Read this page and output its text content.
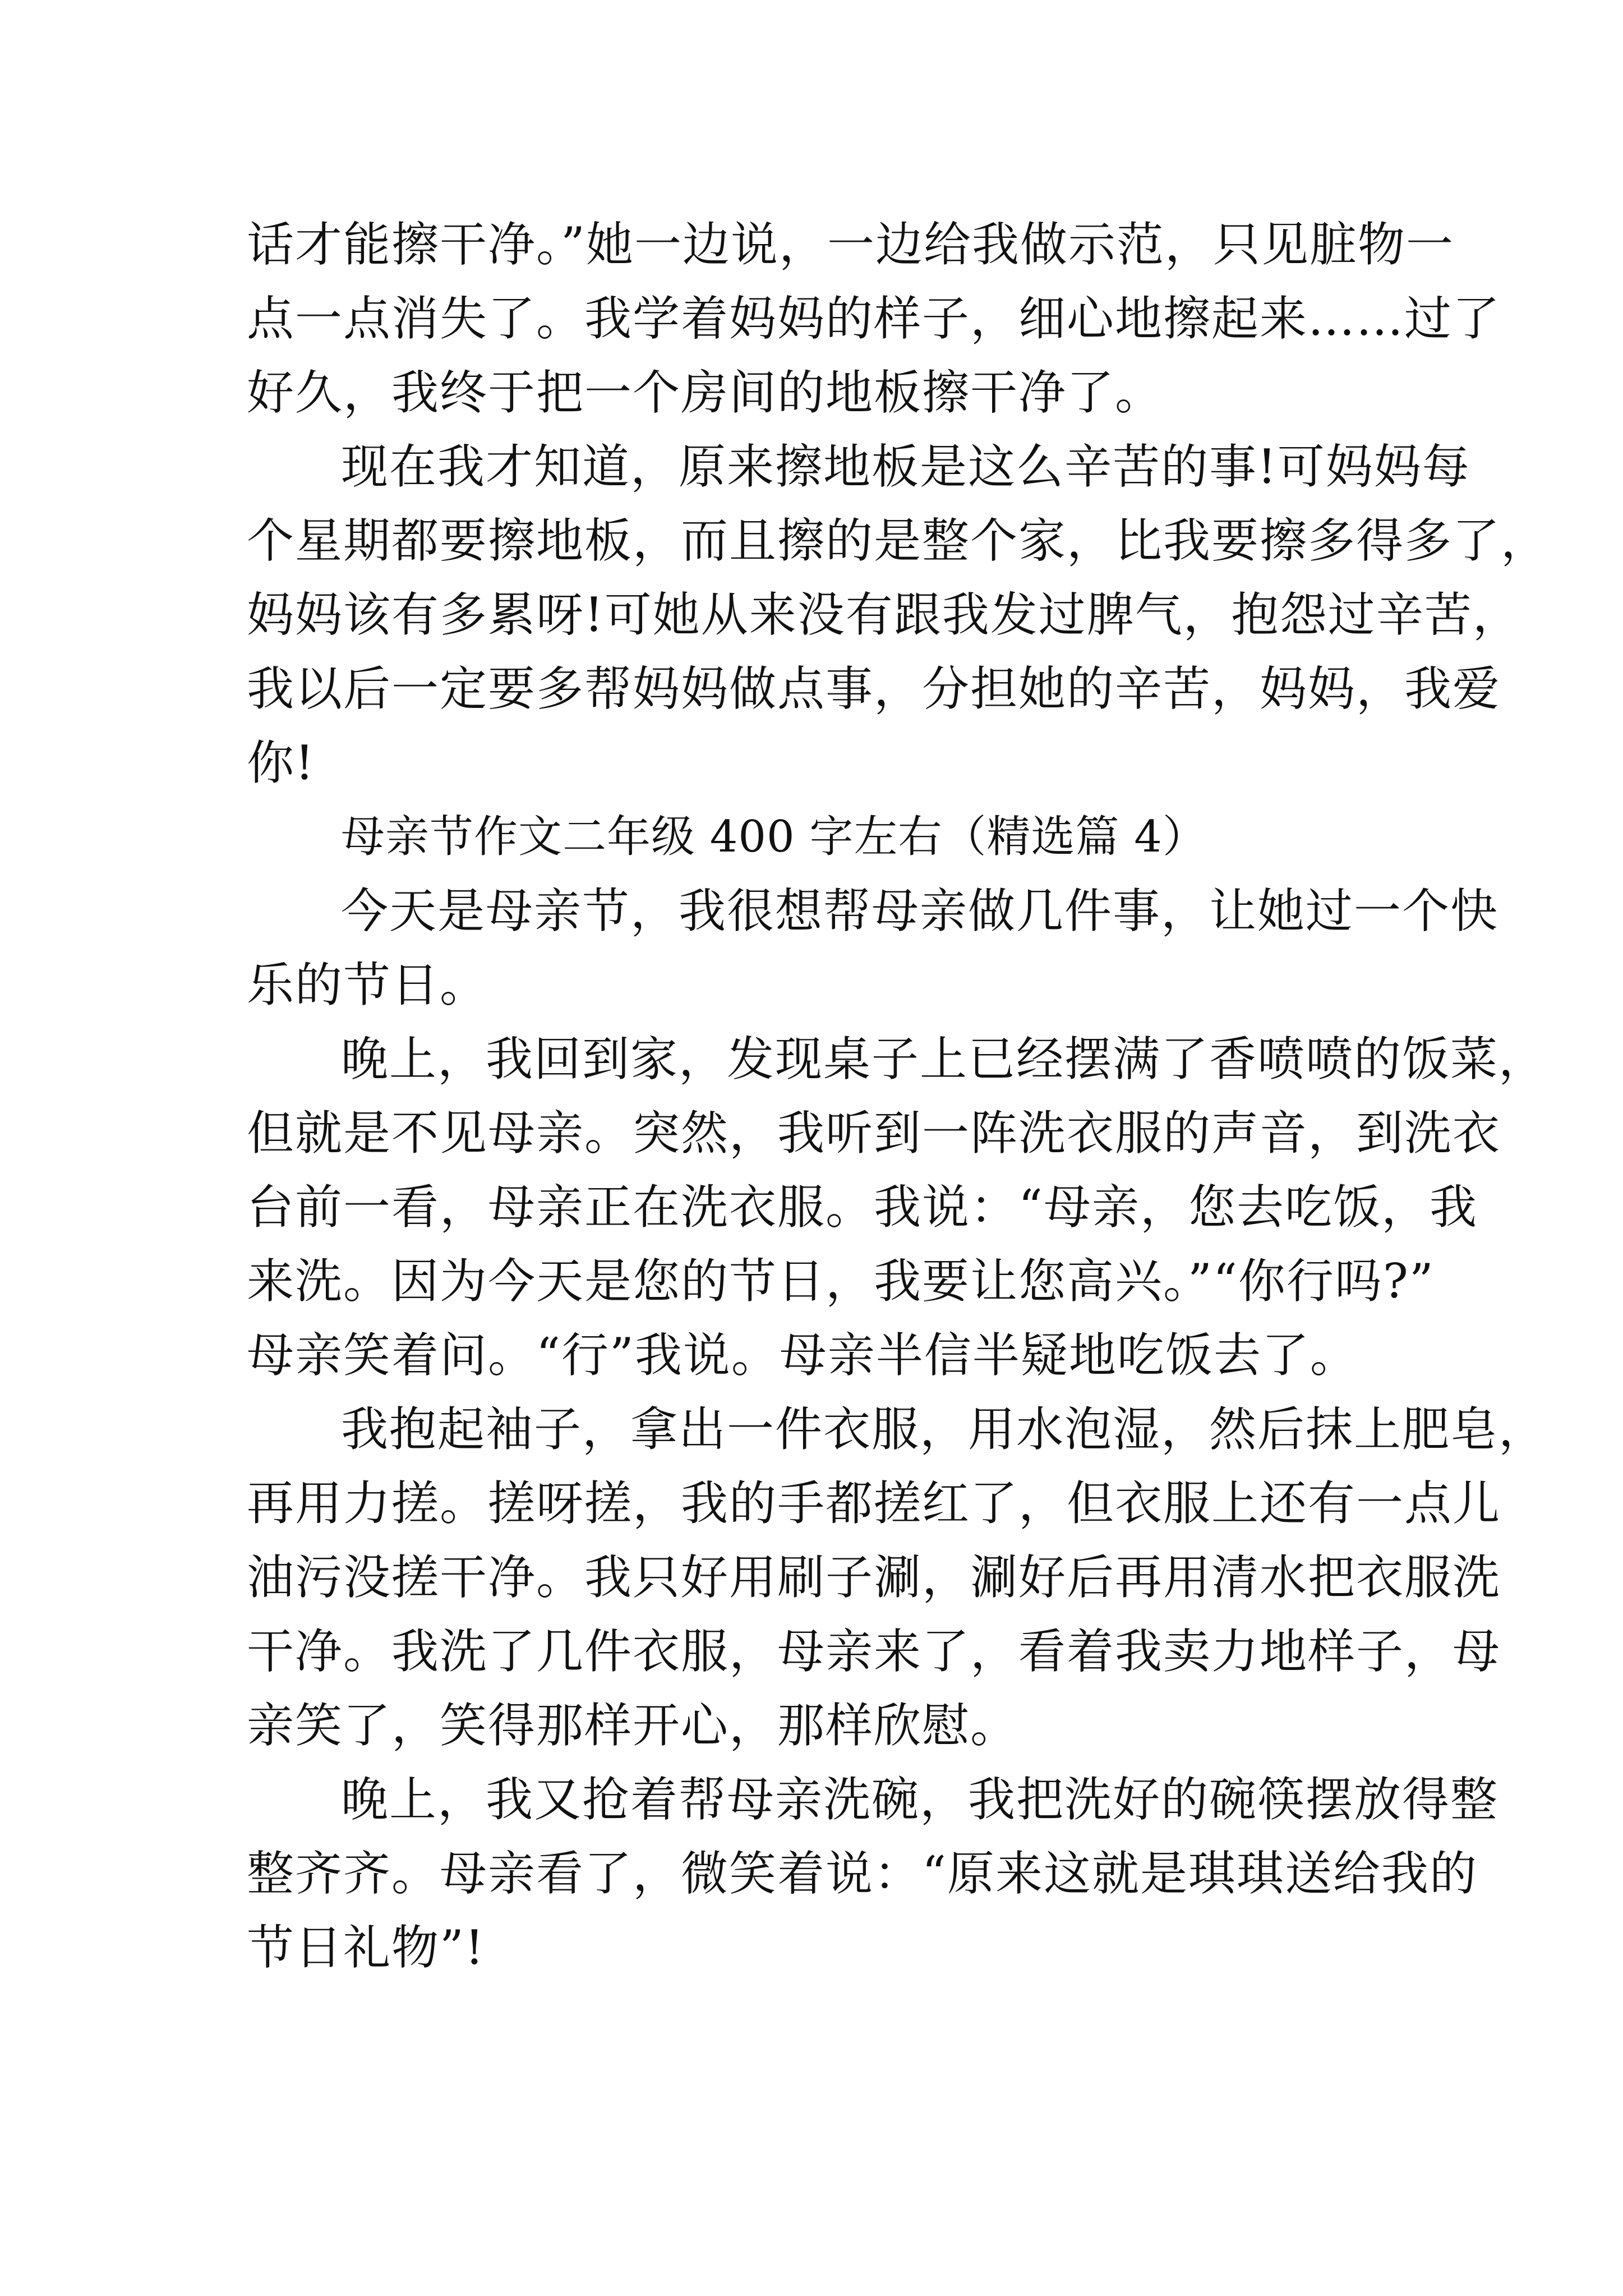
话才能擦干净。”她一边说，一边给我做示范，只见脏物一
点一点消失了。我学着妈妈的样子，细心地擦起来……过了
好久，我终于把一个房间的地板擦干净了。
现在我才知道，原来擦地板是这么辛苦的事!可妈妈每
个星期都要擦地板，而且擦的是整个家，比我要擦多得多了，
妈妈该有多累呀!可她从来没有跟我发过脾气，抱怨过辛苦，
我以后一定要多帮妈妈做点事，分担她的辛苦，妈妈，我爱
你!
母亲节作文二年级 400 字左右（精选篇 4）
今天是母亲节，我很想帮母亲做几件事，让她过一个快
乐的节日。
晚上，我回到家，发现桌子上已经摆满了香喷喷的饭菜，
但就是不见母亲。突然，我听到一阵洗衣服的声音，到洗衣
台前一看，母亲正在洗衣服。我说：“母亲，您去吃饭，我
来洗。因为今天是您的节日，我要让您高兴。”“你行吗?”
母亲笑着问。“行”我说。母亲半信半疑地吃饭去了。
我抱起袖子，拿出一件衣服，用水泡湿，然后抹上肥皂，
再用力搓。搓呀搓，我的手都搓红了，但衣服上还有一点儿
油污没搓干净。我只好用刷子涮，涮好后再用清水把衣服洗
干净。我洗了几件衣服，母亲来了，看着我卖力地样子，母
亲笑了，笑得那样开心，那样欣慰。
晚上，我又抢着帮母亲洗碗，我把洗好的碗筷摆放得整
整齐齐。母亲看了，微笑着说：“原来这就是琪琪送给我的
节日礼物”!
